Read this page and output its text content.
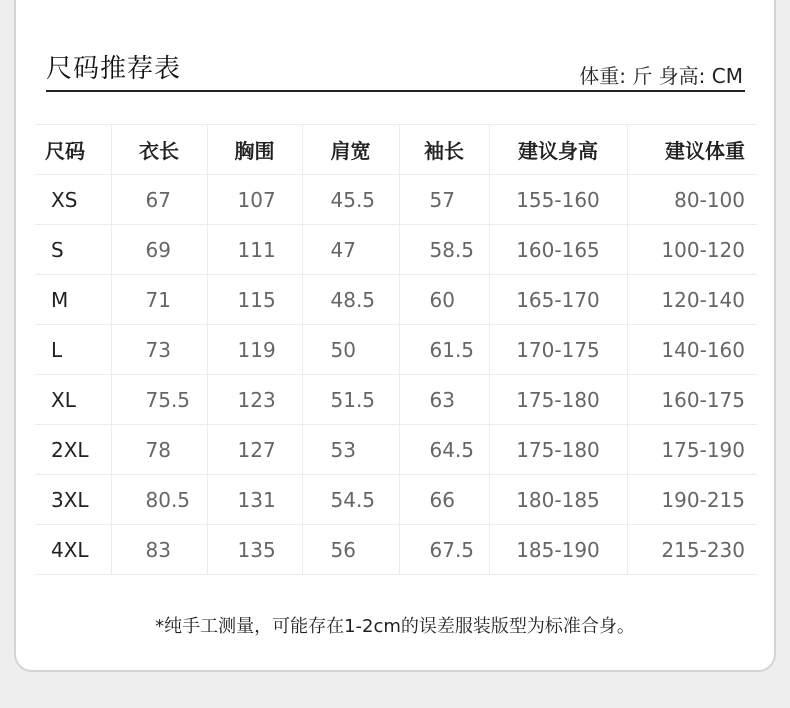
尺码推荐表	体重: 斤 身高: CM
尺码	衣长	胸围	肩宽	袖长	建议身高	建议体重
XS	67	107	45.5	57	155-160	80-100
S	69	111	47	58.5	160-165	100-120
M	71	115	48.5	60	165-170	120-140
L	73	119	50	61.5	170-175	140-160
XL	75.5	123	51.5	63	175-180	160-175
2XL	78	127	53	64.5	175-180	175-190
3XL	80.5	131	54.5	66	180-185	190-215
4XL	83	135	56	67.5	185-190	215-230

*纯手工测量，可能存在1-2cm的误差服装版型为标准合身。
